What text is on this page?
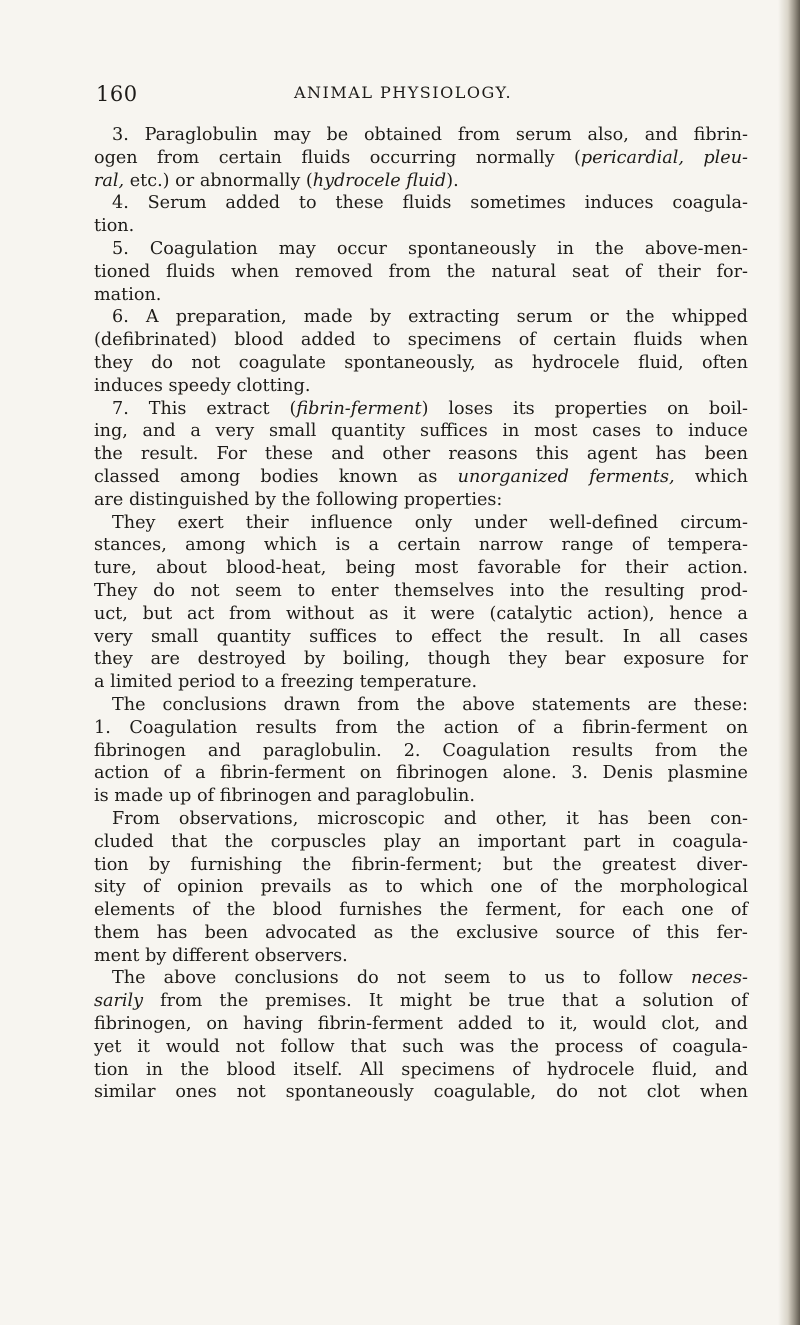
160	ANIMAL PHYSIOLOGY.
3. Paraglobulin may be obtained from serum also, and fibrin-
ogen from certain fluids occurring normally (pericardial, pleu-
ral, etc.) or abnormally (hydrocele fluid).
4. Serum added to these fluids sometimes induces coagula-
tion.
5. Coagulation may occur spontaneously in the above-men-
tioned fluids when removed from the natural seat of their for-
mation.
6. A preparation, made by extracting serum or the whipped
(defibrinated) blood added to specimens of certain fluids when
they do not coagulate spontaneously, as hydrocele fluid, often
induces speedy clotting.
7. This extract (fibrin-ferment) loses its properties on boil-
ing, and a very small quantity suffices in most cases to induce
the result. For these and other reasons this agent has been
classed among bodies known as unorganized ferments, which
are distinguished by the following properties:
They exert their influence only under well-defined circum-
stances, among which is a certain narrow range of tempera-
ture, about blood-heat, being most favorable for their action.
They do not seem to enter themselves into the resulting prod-
uct, but act from without as it were (catalytic action), hence a
very small quantity suffices to effect the result. In all cases
they are destroyed by boiling, though they bear exposure for
a limited period to a freezing temperature.
The conclusions drawn from the above statements are these:
1. Coagulation results from the action of a fibrin-ferment on
fibrinogen and paraglobulin. 2. Coagulation results from the
action of a fibrin-ferment on fibrinogen alone. 3. Denis plasmine
is made up of fibrinogen and paraglobulin.
From observations, microscopic and other, it has been con-
cluded that the corpuscles play an important part in coagula-
tion by furnishing the fibrin-ferment; but the greatest diver-
sity of opinion prevails as to which one of the morphological
elements of the blood furnishes the ferment, for each one of
them has been advocated as the exclusive source of this fer-
ment by different observers.
The above conclusions do not seem to us to follow neces-
sarily from the premises. It might be true that a solution of
fibrinogen, on having fibrin-ferment added to it, would clot, and
yet it would not follow that such was the process of coagula-
tion in the blood itself. All specimens of hydrocele fluid, and
similar ones not spontaneously coagulable, do not clot when
